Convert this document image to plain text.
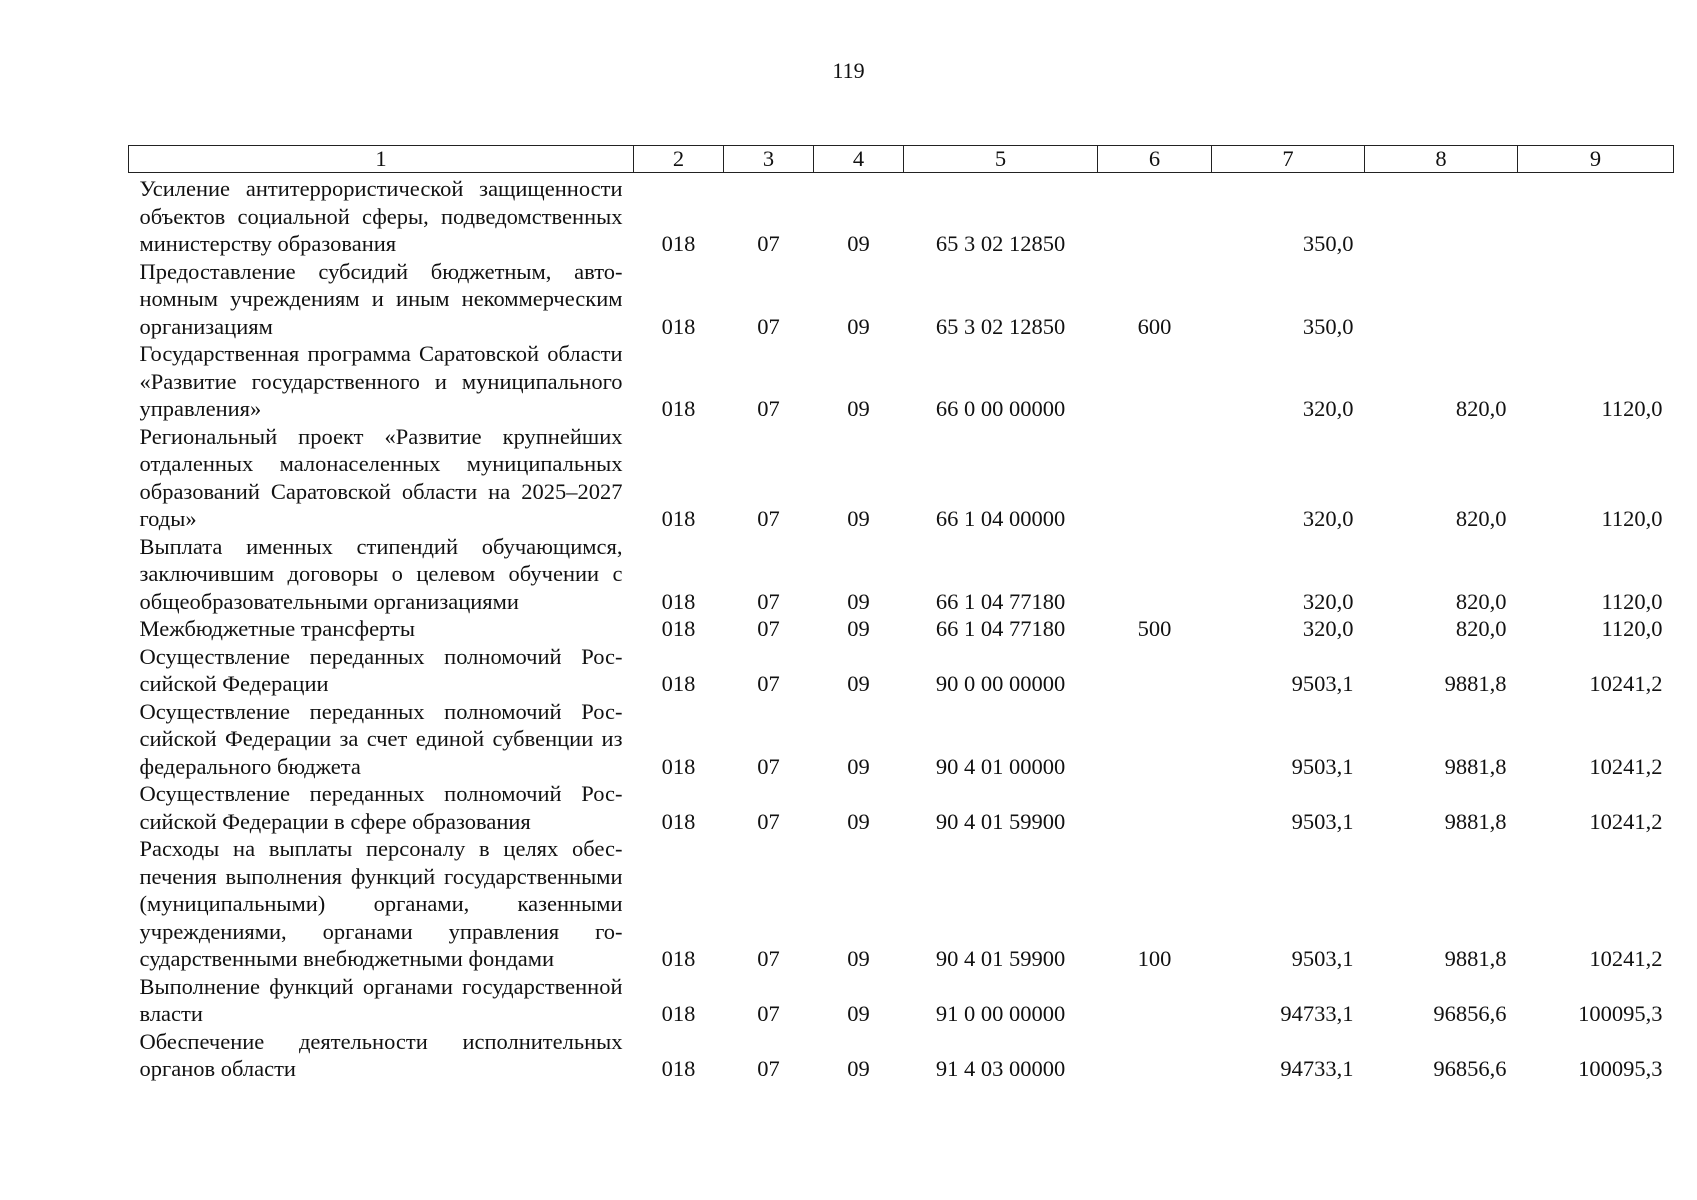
119
1	2	3	4	5	6	7	8	9
Усиление антитеррористической защищенности объектов социальной сферы, подведомственных министерству образования	018	07	09	65 3 02 12850		350,0		
Предоставление субсидий бюджетным, автономным учреждениям и иным некоммерческим организациям	018	07	09	65 3 02 12850	600	350,0		
Государственная программа Саратовской области «Развитие государственного и муниципального управления»	018	07	09	66 0 00 00000		320,0	820,0	1120,0
Региональный проект «Развитие крупнейших отдаленных малонаселенных муниципальных образований Саратовской области на 2025–2027 годы»	018	07	09	66 1 04 00000		320,0	820,0	1120,0
Выплата именных стипендий обучающимся, заключившим договоры о целевом обучении с общеобразовательными организациями	018	07	09	66 1 04 77180		320,0	820,0	1120,0
Межбюджетные трансферты	018	07	09	66 1 04 77180	500	320,0	820,0	1120,0
Осуществление переданных полномочий Российской Федерации	018	07	09	90 0 00 00000		9503,1	9881,8	10241,2
Осуществление переданных полномочий Российской Федерации за счет единой субвенции из федерального бюджета	018	07	09	90 4 01 00000		9503,1	9881,8	10241,2
Осуществление переданных полномочий Российской Федерации в сфере образования	018	07	09	90 4 01 59900		9503,1	9881,8	10241,2
Расходы на выплаты персоналу в целях обеспечения выполнения функций государственными (муниципальными) органами, казенными учреждениями, органами управления государственными внебюджетными фондами	018	07	09	90 4 01 59900	100	9503,1	9881,8	10241,2
Выполнение функций органами государственной власти	018	07	09	91 0 00 00000		94733,1	96856,6	100095,3
Обеспечение деятельности исполнительных органов области	018	07	09	91 4 03 00000		94733,1	96856,6	100095,3
